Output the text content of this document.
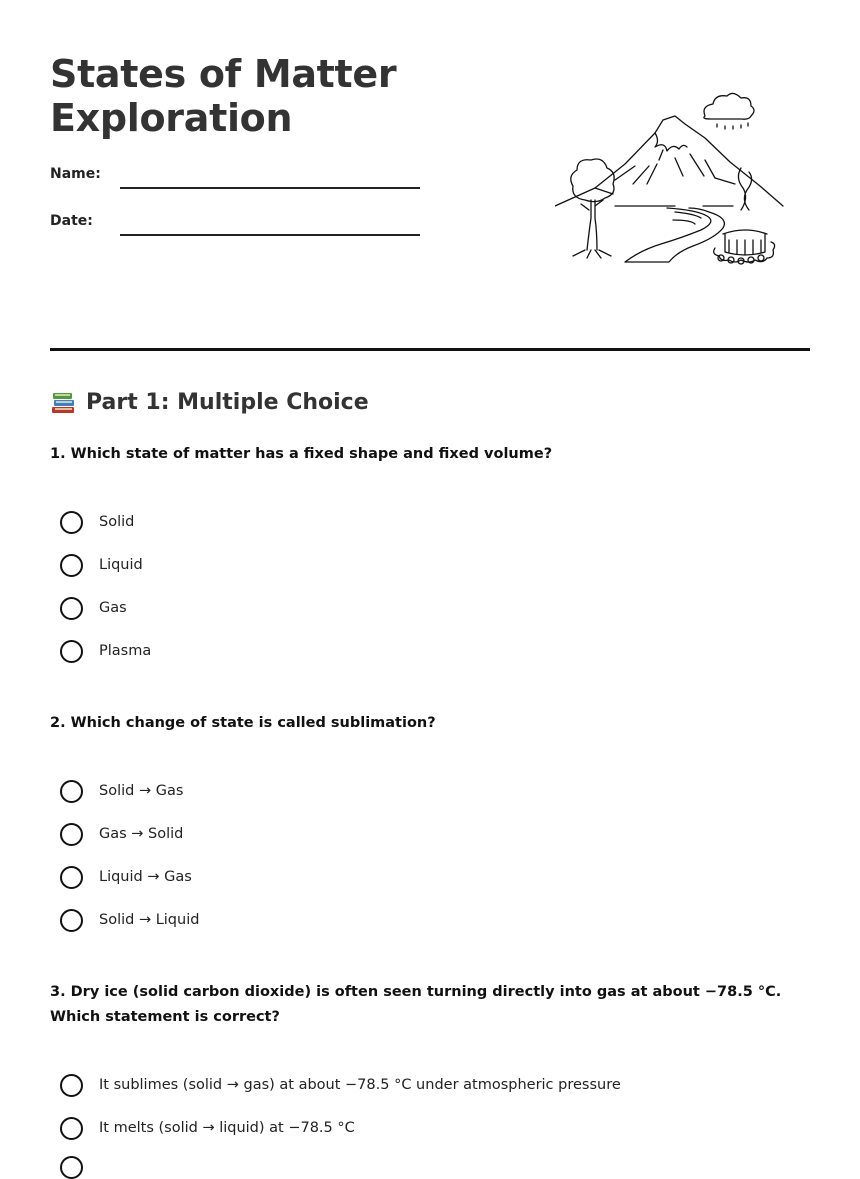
States of Matter
Exploration
Name:
Date:
Part 1: Multiple Choice

1. Which state of matter has a fixed shape and fixed volume?

Solid
Liquid
Gas
Plasma

2. Which change of state is called sublimation?

Solid → Gas
Gas → Solid
Liquid → Gas
Solid → Liquid

3. Dry ice (solid carbon dioxide) is often seen turning directly into gas at about −78.5 °C. Which statement is correct?

It sublimes (solid → gas) at about −78.5 °C under atmospheric pressure
It melts (solid → liquid) at −78.5 °C
